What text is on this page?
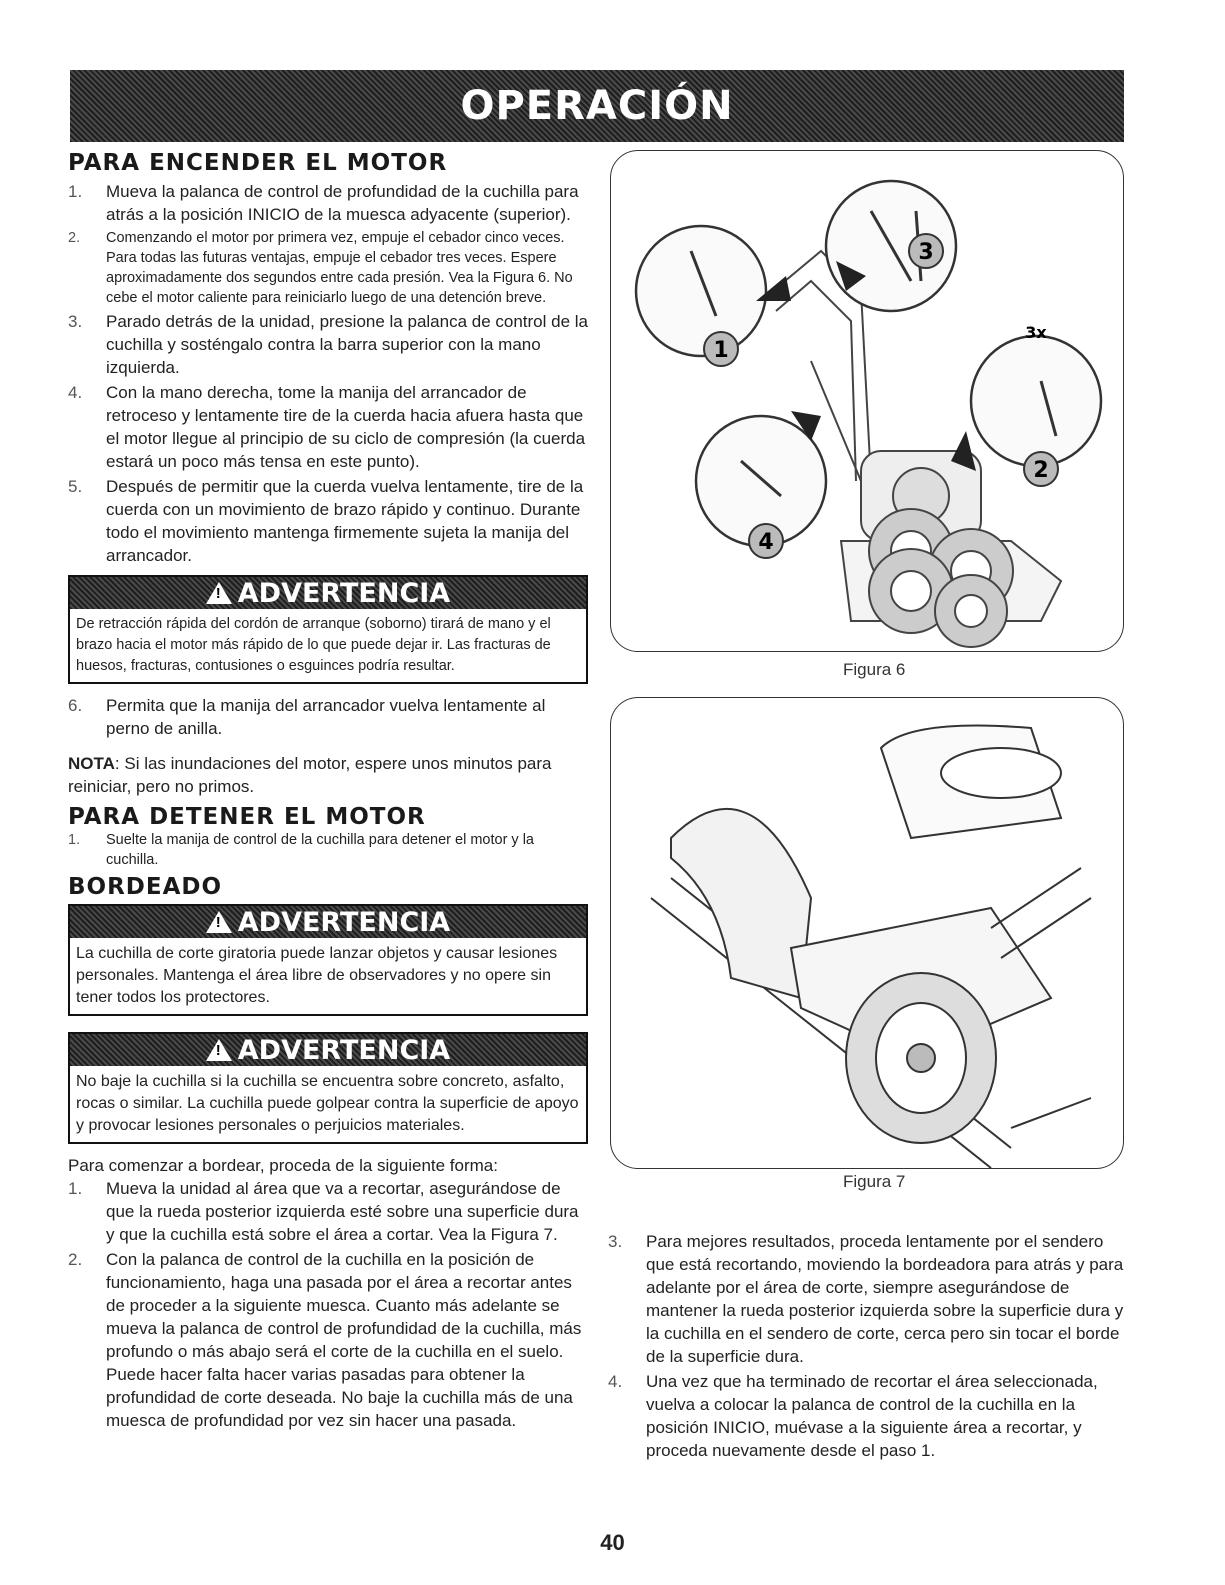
OPERACIÓN
PARA ENCENDER EL MOTOR
1.	Mueva la palanca de control de profundidad de la cuchilla para atrás a la posición INICIO de la muesca adyacente (superior).
2.	Comenzando el motor por primera vez, empuje el cebador cinco veces. Para todas las futuras ventajas, empuje el cebador tres veces. Espere aproximadamente dos segundos entre cada presión. Vea la Figura 6. No cebe el motor caliente para reiniciarlo luego de una detención breve.
3.	Parado detrás de la unidad, presione la palanca de control de la cuchilla y sosténgalo contra la barra superior con la mano izquierda.
4.	Con la mano derecha, tome la manija del arrancador de retroceso y lentamente tire de la cuerda hacia afuera hasta que el motor llegue al principio de su ciclo de compresión (la cuerda estará un poco más tensa en este punto).
5.	Después de permitir que la cuerda vuelva lentamente, tire de la cuerda con un movimiento de brazo rápido y continuo. Durante todo el movimiento mantenga firmemente sujeta la manija del arrancador.
!
ADVERTENCIA
De retracción rápida del cordón de arranque (soborno) tirará de mano y el brazo hacia el motor más rápido de lo que puede dejar ir. Las fracturas de huesos, fracturas, contusiones o esguinces podría resultar.
6.	Permita que la manija del arrancador vuelva lentamente al perno de anilla.

NOTA: Si las inundaciones del motor, espere unos minutos para reiniciar, pero no primos.

PARA DETENER EL MOTOR
1.	Suelte la manija de control de la cuchilla para detener el motor y la cuchilla.
BORDEADO
!
ADVERTENCIA
La cuchilla de corte giratoria puede lanzar objetos y causar lesiones personales. Mantenga el área libre de observadores y no opere sin tener todos los protectores.
!
ADVERTENCIA
No baje la cuchilla si la cuchilla se encuentra sobre concreto, asfalto, rocas o similar. La cuchilla puede golpear contra la superficie de apoyo y provocar lesiones personales o perjuicios materiales.

Para comenzar a bordear, proceda de la siguiente forma:

1.	Mueva la unidad al área que va a recortar, asegurándose de que la rueda posterior izquierda esté sobre una superficie dura y que la cuchilla está sobre el área a cortar. Vea la Figura 7.
2.	Con la palanca de control de la cuchilla en la posición de funcionamiento, haga una pasada por el área a recortar antes de proceder a la siguiente muesca. Cuanto más adelante se mueva la palanca de control de profundidad de la cuchilla, más profundo o más abajo será el corte de la cuchilla en el suelo. Puede hacer falta hacer varias pasadas para obtener la profundidad de corte deseada. No baje la cuchilla más de una muesca de profundidad por vez sin hacer una pasada.
1
3
2
4
3x
Figura 6
Figura 7
3.	Para mejores resultados, proceda lentamente por el sendero que está recortando, moviendo la bordeadora para atrás y para adelante por el área de corte, siempre asegurándose de mantener la rueda posterior izquierda sobre la superficie dura y la cuchilla en el sendero de corte, cerca pero sin tocar el borde de la superficie dura.
4.	Una vez que ha terminado de recortar el área seleccionada, vuelva a colocar la palanca de control de la cuchilla en la posición INICIO, muévase a la siguiente área a recortar, y proceda nuevamente desde el paso 1.
40
